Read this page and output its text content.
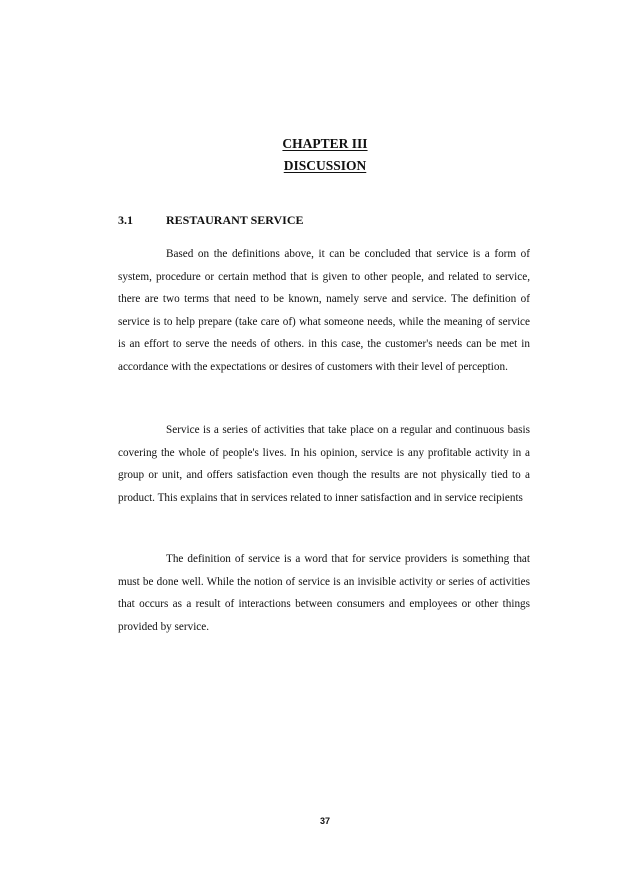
CHAPTER III
DISCUSSION
3.1	RESTAURANT SERVICE

Based on the definitions above, it can be concluded that service is a form of system, procedure or certain method that is given to other people, and related to service, there are two terms that need to be known, namely serve and service. The definition of service is to help prepare (take care of) what someone needs, while the meaning of service is an effort to serve the needs of others. in this case, the customer's needs can be met in accordance with the expectations or desires of customers with their level of perception.

Service is a series of activities that take place on a regular and continuous basis covering the whole of people's lives. In his opinion, service is any profitable activity in a group or unit, and offers satisfaction even though the results are not physically tied to a product. This explains that in services related to inner satisfaction and in service recipients

The definition of service is a word that for service providers is something that must be done well. While the notion of service is an invisible activity or series of activities that occurs as a result of interactions between consumers and employees or other things provided by service.

37
